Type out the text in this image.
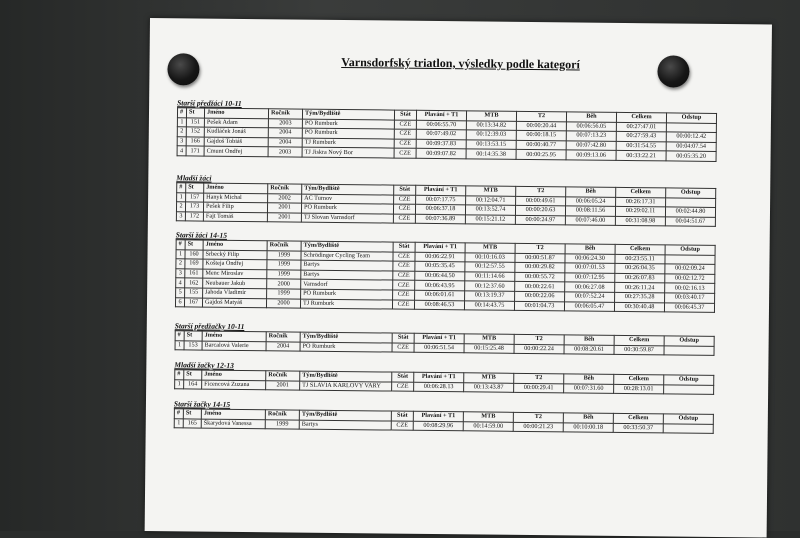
Varnsdorfský triatlon, výsledky podle kategorí
Starší předžáci 10-11
#	St	Jméno	Ročník	Tým/Bydliště	Stát	Plavání + T1	MTB	T2	Běh	Celkem	Odstup
1	151	Pešek Adam	2003	PO Rumburk	CZE	00:06:55.70	00:13:34.82	00:00:20.44	00:06:56.05	00:27:47.01	
2	152	Kudláček Jonáš	2004	PO Rumburk	CZE	00:07:49.02	00:12:39.03	00:00:18.15	00:07:13.23	00:27:59.43	00:00:12.42
3	166	Gajdoš Tobiáš	2004	TJ Rumburk	CZE	00:09:37.83	00:13:53.15	00:00:40.77	00:07:42.80	00:31:54.55	00:04:07.54
4	171	Cmunt Ondřej	2003	TJ Jiskra Nový Bor	CZE	00:09:07.82	00:14:35.38	00:00:25.95	00:09:13.06	00:33:22.21	00:05:35.20
Mladší žáci
#	St	Jméno	Ročník	Tým/Bydliště	Stát	Plavání + T1	MTB	T2	Běh	Celkem	Odstup
1	157	Hanyk Michal	2002	AC Turnov	CZE	00:07:17.75	00:12:04.71	00:00:49.61	00:06:05.24	00:26:17.31	
2	173	Pešek Filip	2001	PO Rumburk	CZE	00:06:37.18	00:13:52.74	00:00:20.63	00:08:11.56	00:29:02.11	00:02:44.80
3	172	Fajt Tomáš	2001	TJ Slovan Varnsdorf	CZE	00:07:36.89	00:15:21.12	00:00:24.97	00:07:46.00	00:31:08.98	00:04:51.67
Starší žáci 14-15
#	St	Jméno	Ročník	Tým/Bydliště	Stát	Plavání + T1	MTB	T2	Běh	Celkem	Odstup
1	160	Srbecký Filip	1999	Schrödinger Cycling Team	CZE	00:06:22.91	00:10:16.03	00:00:51.87	00:06:24.30	00:23:55.11	
2	169	Košteja Ondřej	1999	Bartys	CZE	00:05:35.45	00:12:57.55	00:00:29.82	00:07:01.53	00:26:04.35	00:02:09.24
3	161	Menc Miroslav	1999	Bartys	CZE	00:06:44.50	00:11:14.66	00:00:55.72	00:07:12.95	00:26:07.83	00:02:12.72
4	162	Neubauer Jakub	2000	Varnsdorf	CZE	00:06:43.95	00:12:37.60	00:00:22.61	00:06:27.08	00:26:11.24	00:02:16.13
5	155	Jahoda Vladimír	1999	PO Rumburk	CZE	00:06:01.61	00:13:19.37	00:00:22.06	00:07:52.24	00:27:35.28	00:03:40.17
6	167	Gajdoš Matyáš	2000	TJ Rumburk	CZE	00:08:46.53	00:14:43.75	00:01:04.73	00:06:05.47	00:30:40.48	00:06:45.37
Starší předžačky 10-11
#	St	Jméno	Ročník	Tým/Bydliště	Stát	Plavání + T1	MTB	T2	Běh	Celkem	Odstup
1	153	Barcalová Valerie	2004	PO Rumburk	CZE	00:06:51.54	00:15:25.48	00:00:22.24	00:08:20.61	00:30:59.87	
Mladší žačky 12-13
#	St	Jméno	Ročník	Tým/Bydliště	Stát	Plavání + T1	MTB	T2	Běh	Celkem	Odstup
1	164	Ficencová Zuzana	2001	TJ SLAVIA KARLOVY VARY	CZE	00:06:28.13	00:13:43.87	00:00:29.41	00:07:31.60	00:28:13.01	
Starší žačky 14-15
#	St	Jméno	Ročník	Tým/Bydliště	Stát	Plavání + T1	MTB	T2	Běh	Celkem	Odstup
1	165	Škarydová Vanessa	1999	Bartys	CZE	00:08:29.96	00:14:59.00	00:00:21.23	00:10:00.18	00:33:50.37	
